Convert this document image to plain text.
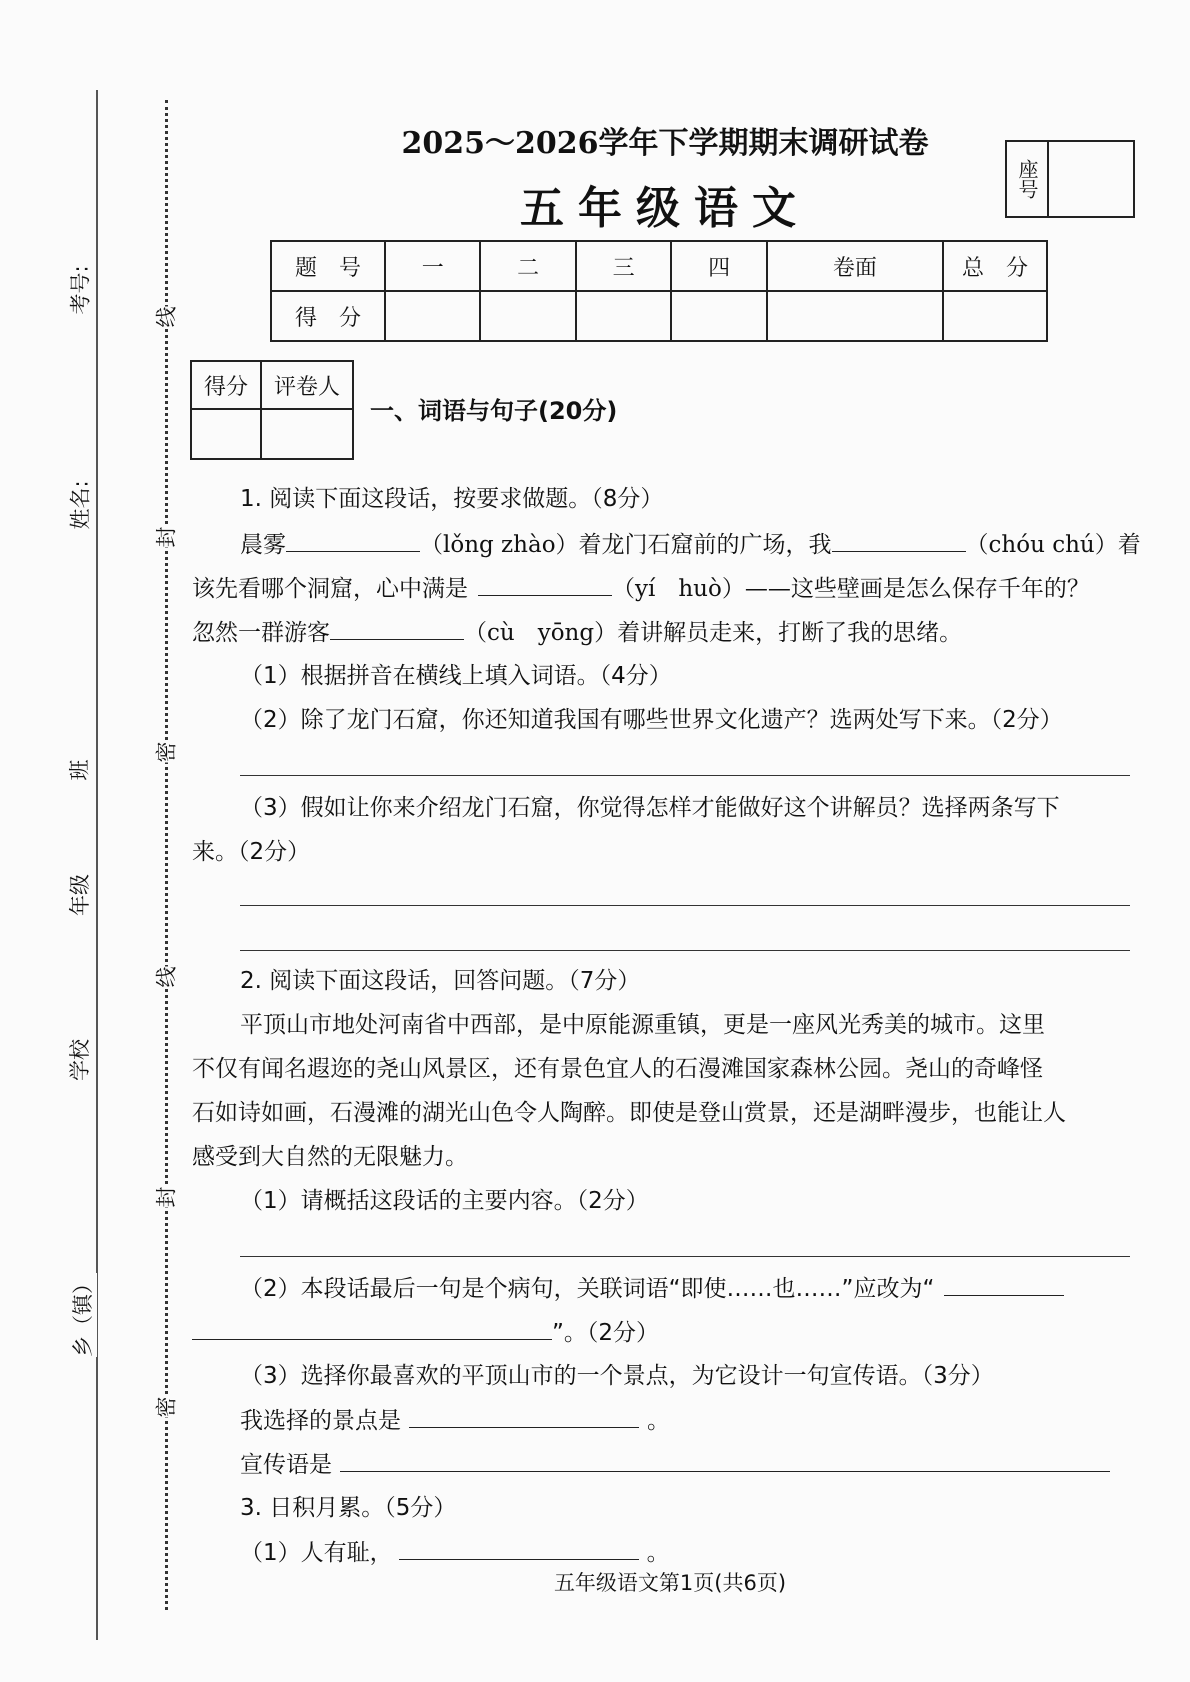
考号:
姓名:
班
年级
学校
乡（镇）
线
封
密
线
封
密
2025～2026学年下学期期末调研试卷
五年级语文
座号
题　号	一	二	三	四	卷面	总　分
得　分						
得分	评卷人

一、词语与句子(20分)
1. 阅读下面这段话，按要求做题。（8分）
晨雾	（lǒng zhào）着龙门石窟前的广场，我	（chóu chú）着
该先看哪个洞窟，心中满是	（yí　huò）——这些壁画是怎么保存千年的？
忽然一群游客	（cù　yōng）着讲解员走来，打断了我的思绪。
（1）根据拼音在横线上填入词语。（4分）
（2）除了龙门石窟，你还知道我国有哪些世界文化遗产？选两处写下来。（2分）
（3）假如让你来介绍龙门石窟，你觉得怎样才能做好这个讲解员？选择两条写下
来。（2分）
2. 阅读下面这段话，回答问题。（7分）
平顶山市地处河南省中西部，是中原能源重镇，更是一座风光秀美的城市。这里
不仅有闻名遐迩的尧山风景区，还有景色宜人的石漫滩国家森林公园。尧山的奇峰怪
石如诗如画，石漫滩的湖光山色令人陶醉。即使是登山赏景，还是湖畔漫步，也能让人
感受到大自然的无限魅力。
（1）请概括这段话的主要内容。（2分）
（2）本段话最后一句是个病句，关联词语“即使……也……”应改为“
”。（2分）
（3）选择你最喜欢的平顶山市的一个景点，为它设计一句宣传语。（3分）
我选择的景点是	。
宣传语是
3. 日积月累。（5分）
（1）人有耻，	。
五年级语文第1页(共6页)
